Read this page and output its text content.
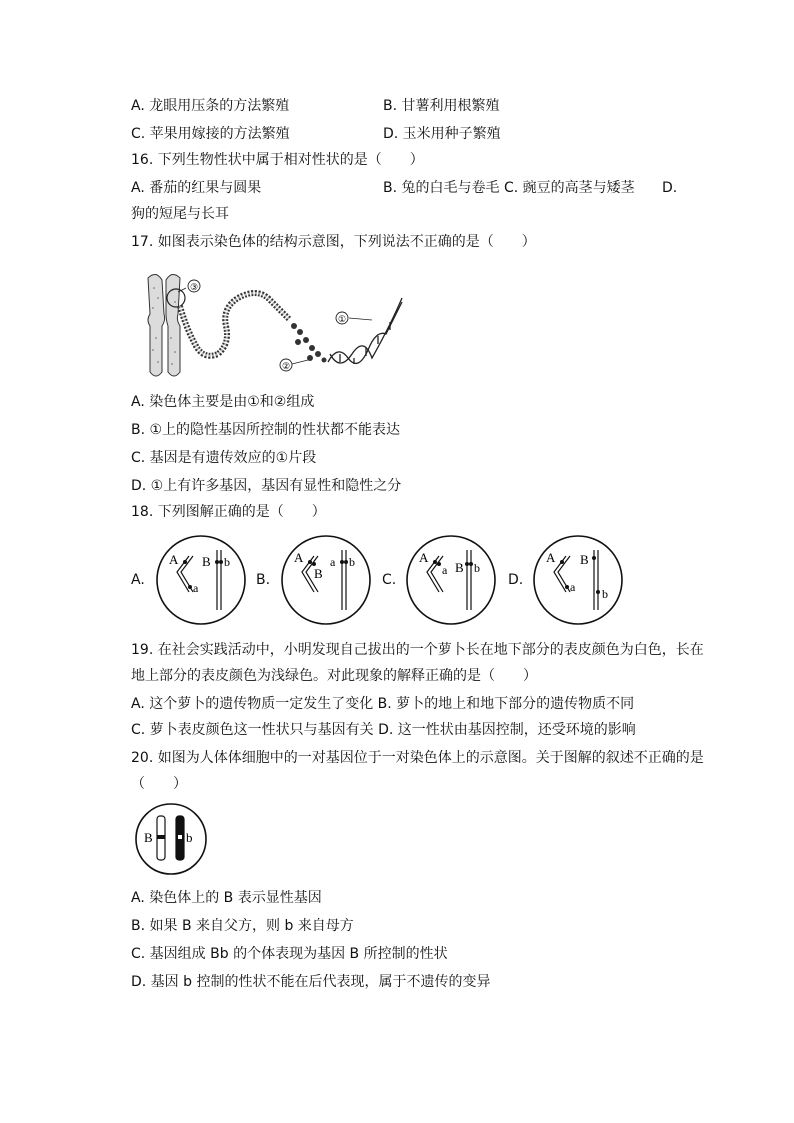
A. 龙眼用压条的方法繁殖	B. 甘薯利用根繁殖
C. 苹果用嫁接的方法繁殖	D. 玉米用种子繁殖
16. 下列生物性状中属于相对性状的是（　　）
A. 番茄的红果与圆果	B. 兔的白毛与卷毛 C. 豌豆的高茎与矮茎 D.
狗的短尾与长耳
17. 如图表示染色体的结构示意图，下列说法不正确的是（　　）
③
①
②
A. 染色体主要是由①和②组成
B. ①上的隐性基因所控制的性状都不能表达
C. 基因是有遗传效应的①片段
D. ①上有许多基因，基因有显性和隐性之分
18. 下列图解正确的是（　　）
A.	B.	C.	D.
A
a
B b	A
B
a b	A
a B b
A
a
B
b
19. 在社会实践活动中，小明发现自己拔出的一个萝卜长在地下部分的表皮颜色为白色，长在
地上部分的表皮颜色为浅绿色。对此现象的解释正确的是（　　）
A. 这个萝卜的遗传物质一定发生了变化 B. 萝卜的地上和地下部分的遗传物质不同
C. 萝卜表皮颜色这一性状只与基因有关 D. 这一性状由基因控制，还受环境的影响
20. 如图为人体体细胞中的一对基因位于一对染色体上的示意图。关于图解的叙述不正确的是
（　　）
B	b
A. 染色体上的 B 表示显性基因
B. 如果 B 来自父方，则 b 来自母方
C. 基因组成 Bb 的个体表现为基因 B 所控制的性状
D. 基因 b 控制的性状不能在后代表现，属于不遗传的变异
